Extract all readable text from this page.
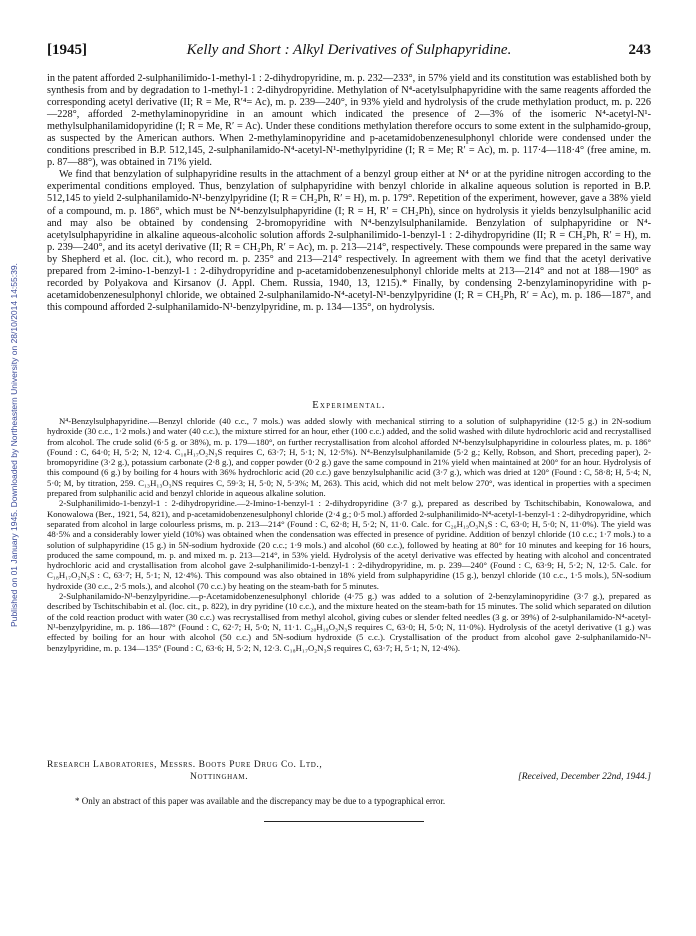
Published on 01 January 1945. Downloaded by Northeastern University on 28/10/2014 14:55:39.
[1945]	Kelly and Short : Alkyl Derivatives of Sulphapyridine.	243

in the patent afforded 2-sulphanilimido-1-methyl-1 : 2-dihydropyridine, m. p. 232—233°, in 57% yield and its constitution was established both by synthesis from and by degradation to 1-methyl-1 : 2-dihydropyridine. Methylation of N⁴-acetylsulphapyridine with the same reagents afforded the corresponding acetyl derivative (II; R = Me, R′⁴= Ac), m. p. 239—240°, in 93% yield and hydrolysis of the crude methylation product, m. p. 226—228°, afforded 2-methylaminopyridine in an amount which indicated the presence of 2—3% of the isomeric N⁴-acetyl-N¹-methylsulphanilamidopyridine (I; R = Me, R′ = Ac). Under these conditions methylation therefore occurs to some extent in the sulphamido-group, as suspected by the American authors. When 2-methylaminopyridine and p-acetamidobenzenesulphonyl chloride were condensed under the conditions prescribed in B.P. 512,145, 2-sulphanilamido-N⁴-acetyl-N¹-methylpyridine (I; R = Me; R′ = Ac), m. p. 117·4—118·4° (free amine, m. p. 87—88°), was obtained in 71% yield.

We find that benzylation of sulphapyridine results in the attachment of a benzyl group either at N⁴ or at the pyridine nitrogen according to the experimental conditions employed. Thus, benzylation of sulphapyridine with benzyl chloride in alkaline aqueous solution is reported in B.P. 512,145 to yield 2-sulphanilamido-N¹-benzylpyridine (I; R = CH₂Ph, R′ = H), m. p. 179°. Repetition of the experiment, however, gave a 38% yield of a compound, m. p. 186°, which must be N⁴-benzylsulphapyridine (I; R = H, R′ = CH₂Ph), since on hydrolysis it yields benzylsulphanilic acid and may also be obtained by condensing 2-bromopyridine with N⁴-benzylsulphanilamide. Benzylation of sulphapyridine or N⁴-acetylsulphapyridine in alkaline aqueous-alcoholic solution affords 2-sulphanilimido-1-benzyl-1 : 2-dihydropyridine (II; R = CH₂Ph, R′ = H), m. p. 239—240°, and its acetyl derivative (II; R = CH₂Ph, R′ = Ac), m. p. 213—214°, respectively. These compounds were prepared in the same way by Shepherd et al. (loc. cit.), who record m. p. 235° and 213—214° respectively. In agreement with them we find that the acetyl derivative prepared from 2-imino-1-benzyl-1 : 2-dihydropyridine and p-acetamidobenzenesulphonyl chloride melts at 213—214° and not at 188—190° as recorded by Polyakova and Kirsanov (J. Appl. Chem. Russia, 1940, 13, 1215).* Finally, by condensing 2-benzylaminopyridine with p-acetamidobenzenesulphonyl chloride, we obtained 2-sulphanilamido-N⁴-acetyl-N¹-benzylpyridine (I; R = CH₂Ph, R′ = Ac), m. p. 186—187°, and this compound afforded 2-sulphanilamido-N¹-benzylpyridine, m. p. 134—135°, on hydrolysis.

Experimental.

N⁴-Benzylsulphapyridine.—Benzyl chloride (40 c.c., 7 mols.) was added slowly with mechanical stirring to a solution of sulphapyridine (12·5 g.) in 2N-sodium hydroxide (30 c.c., 1·2 mols.) and water (40 c.c.), the mixture stirred for an hour, ether (100 c.c.) added, and the solid washed with dilute hydrochloric acid and recrystallised from alcohol. The crude solid (6·5 g. or 38%), m. p. 179—180°, on further recrystallisation from alcohol afforded N⁴-benzylsulphapyridine in colourless plates, m. p. 186° (Found : C, 64·0; H, 5·2; N, 12·4. C₁₈H₁₇O₂N₃S requires C, 63·7; H, 5·1; N, 12·5%). N⁴-Benzylsulphanilamide (5·2 g.; Kelly, Robson, and Short, preceding paper), 2-bromopyridine (3·2 g.), potassium carbonate (2·8 g.), and copper powder (0·2 g.) gave the same compound in 21% yield when maintained at 200° for an hour. Hydrolysis of this compound (6 g.) by boiling for 4 hours with 36% hydrochloric acid (20 c.c.) gave benzylsulphanilic acid (3·7 g.), which was dried at 120° (Found : C, 58·8; H, 5·4; N, 5·0; M, by titration, 259. C₁₃H₁₃O₃NS requires C, 59·3; H, 5·0; N, 5·3%; M, 263). This acid, which did not melt below 270°, was identical in properties with a specimen prepared from sulphanilic acid and benzyl chloride in aqueous alkaline solution.

2-Sulphanilimido-1-benzyl-1 : 2-dihydropyridine.—2-Imino-1-benzyl-1 : 2-dihydropyridine (3·7 g.), prepared as described by Tschitschibabin, Konowalowa, and Konowalowa (Ber., 1921, 54, 821), and p-acetamidobenzenesulphonyl chloride (2·4 g.; 0·5 mol.) afforded 2-sulphanilimido-N⁴-acetyl-1-benzyl-1 : 2-dihydropyridine, which separated from alcohol in large colourless prisms, m. p. 213—214° (Found : C, 62·8; H, 5·2; N, 11·0. Calc. for C₂₀H₁₉O₃N₃S : C, 63·0; H, 5·0; N, 11·0%). The yield was 48·5% and a considerably lower yield (10%) was obtained when the condensation was effected in presence of pyridine. Addition of benzyl chloride (10 c.c.; 1·7 mols.) to a solution of sulphapyridine (15 g.) in 5N-sodium hydroxide (20 c.c.; 1·9 mols.) and alcohol (60 c.c.), followed by heating at 80° for 10 minutes and keeping for 16 hours, produced the same compound, m. p. and mixed m. p. 213—214°, in 53% yield. Hydrolysis of the acetyl derivative was effected by heating with alcohol and concentrated hydrochloric acid and crystallisation from alcohol gave 2-sulphanilimido-1-benzyl-1 : 2-dihydropyridine, m. p. 239—240° (Found : C, 63·9; H, 5·2; N, 12·5. Calc. for C₁₈H₁₇O₂N₃S : C, 63·7; H, 5·1; N, 12·4%). This compound was also obtained in 18% yield from sulphapyridine (15 g.), benzyl chloride (10 c.c., 1·5 mols.), 5N-sodium hydroxide (30 c.c., 2·5 mols.), and alcohol (70 c.c.) by heating on the steam-bath for 5 minutes.

2-Sulphanilamido-N¹-benzylpyridine.—p-Acetamidobenzenesulphonyl chloride (4·75 g.) was added to a solution of 2-benzylaminopyridine (3·7 g.), prepared as described by Tschitschibabin et al. (loc. cit., p. 822), in dry pyridine (10 c.c.), and the mixture heated on the steam-bath for 15 minutes. The solid which separated on dilution of the cold reaction product with water (30 c.c.) was recrystallised from methyl alcohol, giving cubes or slender felted needles (3 g. or 39%) of 2-sulphanilamido-N⁴-acetyl-N¹-benzylpyridine, m. p. 186—187° (Found : C, 62·7; H, 5·0; N, 11·1. C₂₀H₁₉O₃N₃S requires C, 63·0; H, 5·0; N, 11·0%). Hydrolysis of the acetyl derivative (1 g.) was effected by boiling for an hour with alcohol (50 c.c.) and 5N-sodium hydroxide (5 c.c.). Crystallisation of the product from alcohol gave 2-sulphanilamido-N¹-benzylpyridine, m. p. 134—135° (Found : C, 63·6; H, 5·2; N, 12·3. C₁₈H₁₇O₂N₃S requires C, 63·7; H, 5·1; N, 12·4%).

Research Laboratories, Messrs. Boots Pure Drug Co. Ltd.,
Nottingham.	[Received, December 22nd, 1944.]
* Only an abstract of this paper was available and the discrepancy may be due to a typographical error.
